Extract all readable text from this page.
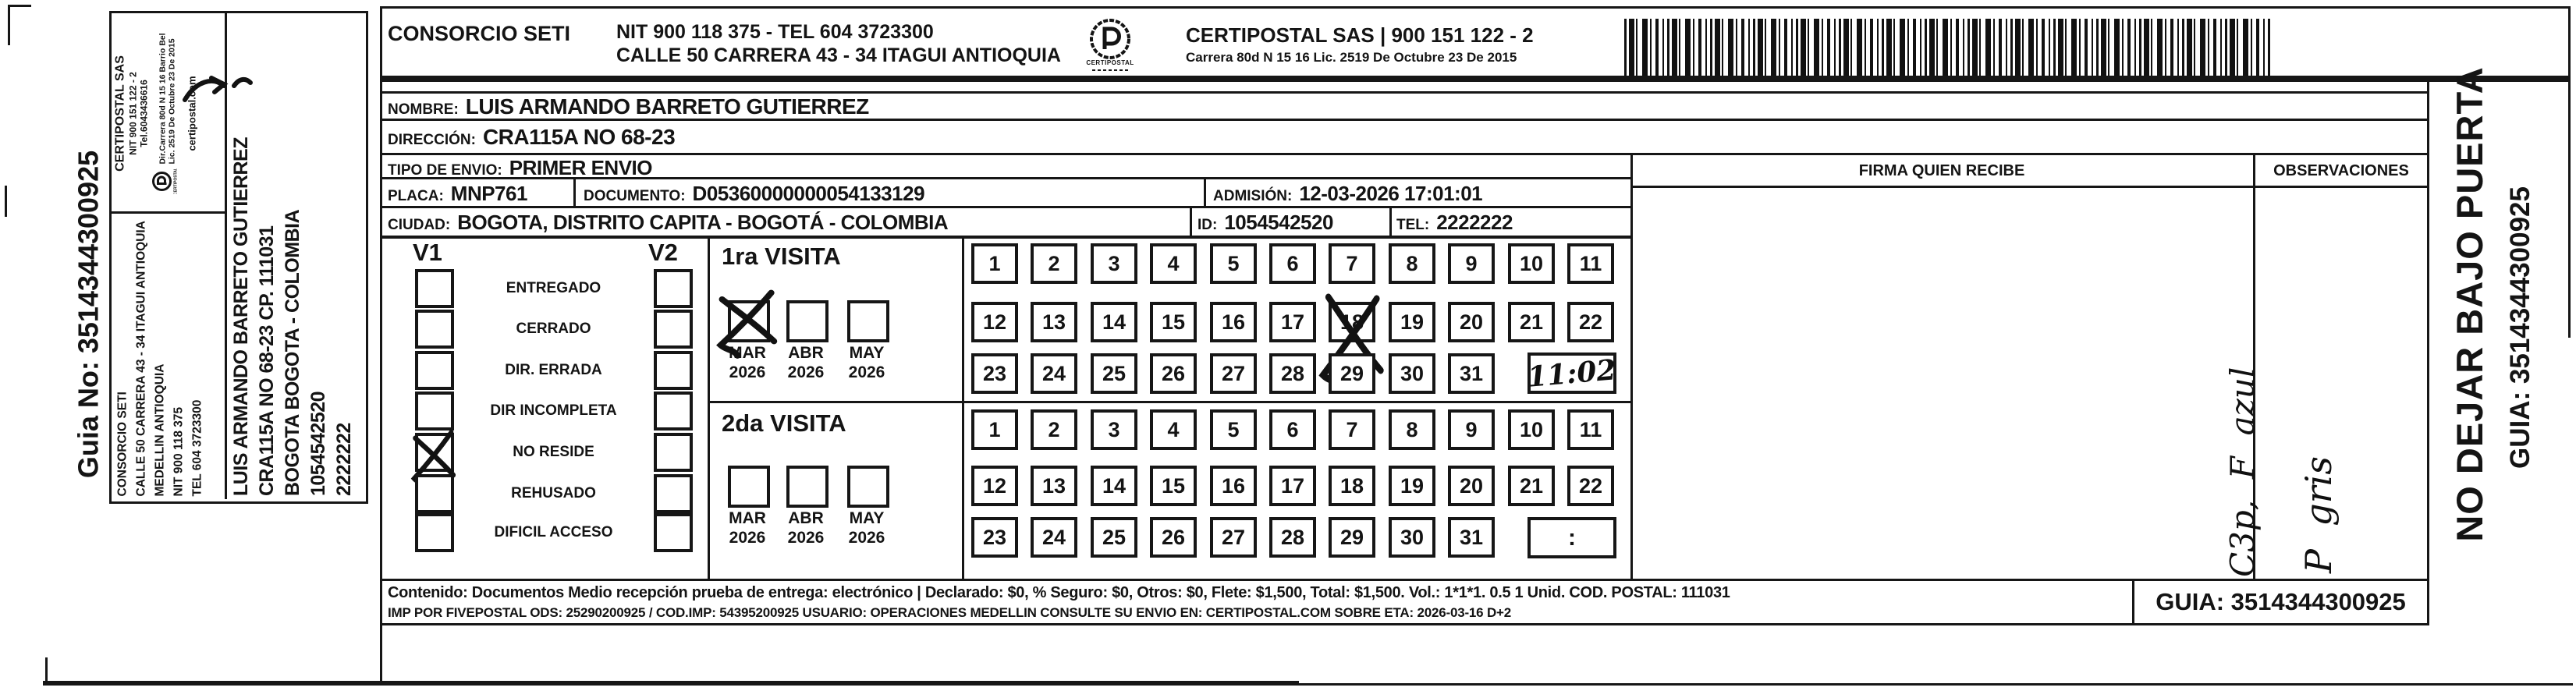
Guia No: 3514344300925
CERTIPOSTAL SAS NIT 900 151 122 - 2 Tel.6043436616
CERTIPOSTAL
Dir.Carrera 80d N 15 16 Barrio Bel Lic. 2519 De Octubre 23 De 2015 certipostal.com
CONSORCIO SETI CALLE 50 CARRERA 43 - 34 ITAGUI ANTIOQUIA MEDELLIN ANTIOQUIA NIT 900 118 375 TEL 604 3723300 LUIS ARMANDO BARRETO GUTIERREZ CRA115A NO 68-23 CP. 111031 BOGOTA BOGOTA - COLOMBIA 1054542520 2222222
CONSORCIO SETI NIT 900 118 375 - TEL 604 3723300
CALLE 50 CARRERA 43 - 34 ITAGUI ANTIOQUIA	CERTIPOSTAL
CERTIPOSTAL SAS | 900 151 122 - 2
Carrera 80d N 15 16 Lic. 2519 De Octubre 23 De 2015
NOMBRE: LUIS ARMANDO BARRETO GUTIERREZ
DIRECCIÓN: CRA115A NO 68-23
TIPO DE ENVIO: PRIMER ENVIO
PLACA: MNP761	DOCUMENTO: D05360000000054133129	ADMISIÓN: 12-03-2026 17:01:01
CIUDAD: BOGOTA, DISTRITO CAPITA - BOGOTÁ - COLOMBIA	ID: 1054542520	TEL: 2222222
FIRMA QUIEN RECIBE	OBSERVACIONES
C3p,  F  azul	P  gris
V1	V2
ENTREGADO
CERRADO
DIR. ERRADA
DIR INCOMPLETA
NO RESIDE
REHUSADO
DIFICIL ACCESO
1ra VISITA
MAR
2026
ABR
2026
MAY
2026
1	2	3	4	5	6	7	8	9	10	11
12	13	14	15	16	17	18	19	20	21	22
23	24	25	26	27	28	29	30	31	11:02
2da VISITA
MAR
2026
ABR
2026
MAY
2026
1	2	3	4	5	6	7	8	9	10	11
12	13	14	15	16	17	18	19	20	21	22
23	24	25	26	27	28	29	30	31	:
Contenido: Documentos Medio recepción prueba de entrega: electrónico | Declarado: $0, % Seguro: $0, Otros: $0, Flete: $1,500, Total: $1,500. Vol.: 1*1*1. 0.5 1 Unid. COD. POSTAL: 111031
IMP POR FIVEPOSTAL ODS: 25290200925 / COD.IMP: 54395200925 USUARIO: OPERACIONES MEDELLIN CONSULTE SU ENVIO EN: CERTIPOSTAL.COM SOBRE ETA: 2026-03-16 D+2	GUIA: 3514344300925
NO DEJAR BAJO PUERTA GUIA: 3514344300925
